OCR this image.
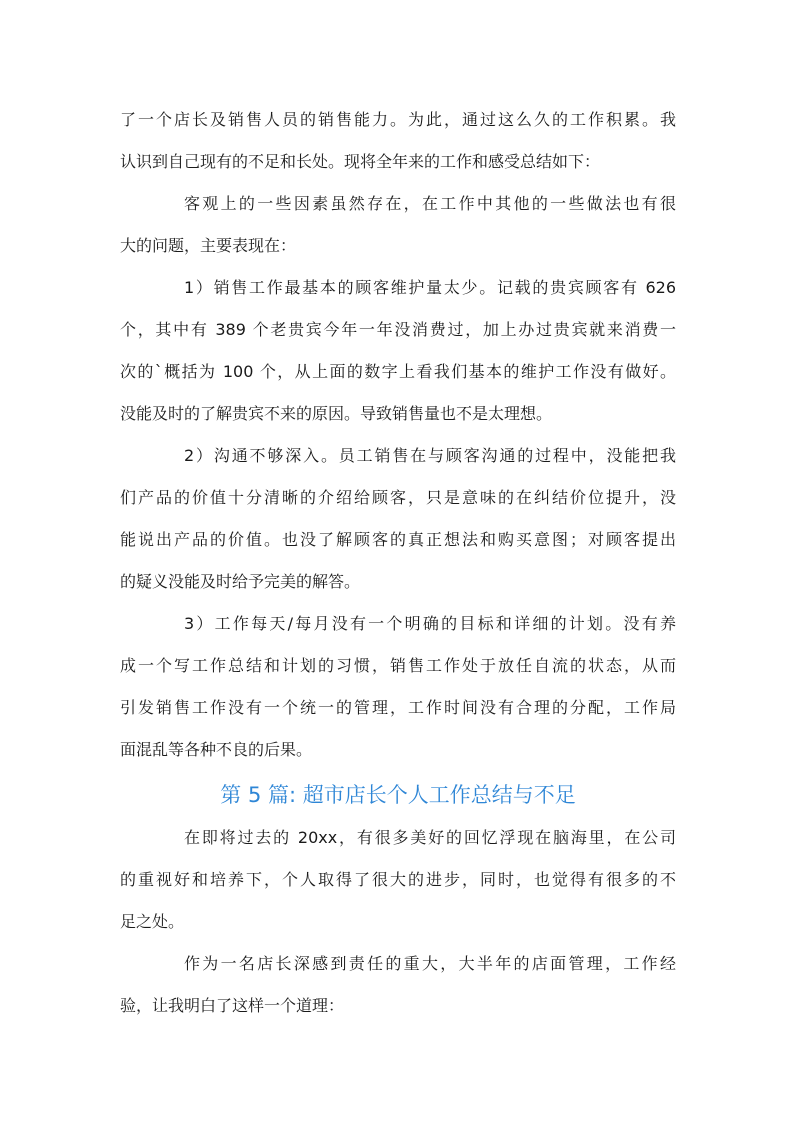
了一个店长及销售人员的销售能力。为此，通过这么久的工作积累。我
认识到自己现有的不足和长处。现将全年来的工作和感受总结如下：
客观上的一些因素虽然存在，在工作中其他的一些做法也有很
大的问题，主要表现在：
1）销售工作最基本的顾客维护量太少。记载的贵宾顾客有 626
个，其中有 389 个老贵宾今年一年没消费过，加上办过贵宾就来消费一
次的`概括为 100 个，从上面的数字上看我们基本的维护工作没有做好。
没能及时的了解贵宾不来的原因。导致销售量也不是太理想。
2）沟通不够深入。员工销售在与顾客沟通的过程中，没能把我
们产品的价值十分清晰的介绍给顾客，只是意味的在纠结价位提升，没
能说出产品的价值。也没了解顾客的真正想法和购买意图；对顾客提出
的疑义没能及时给予完美的解答。
3）工作每天/每月没有一个明确的目标和详细的计划。没有养
成一个写工作总结和计划的习惯，销售工作处于放任自流的状态，从而
引发销售工作没有一个统一的管理，工作时间没有合理的分配，工作局
面混乱等各种不良的后果。
第 5 篇: 超市店长个人工作总结与不足
在即将过去的 20xx，有很多美好的回忆浮现在脑海里，在公司
的重视好和培养下，个人取得了很大的进步，同时，也觉得有很多的不
足之处。
作为一名店长深感到责任的重大，大半年的店面管理，工作经
验，让我明白了这样一个道理：
